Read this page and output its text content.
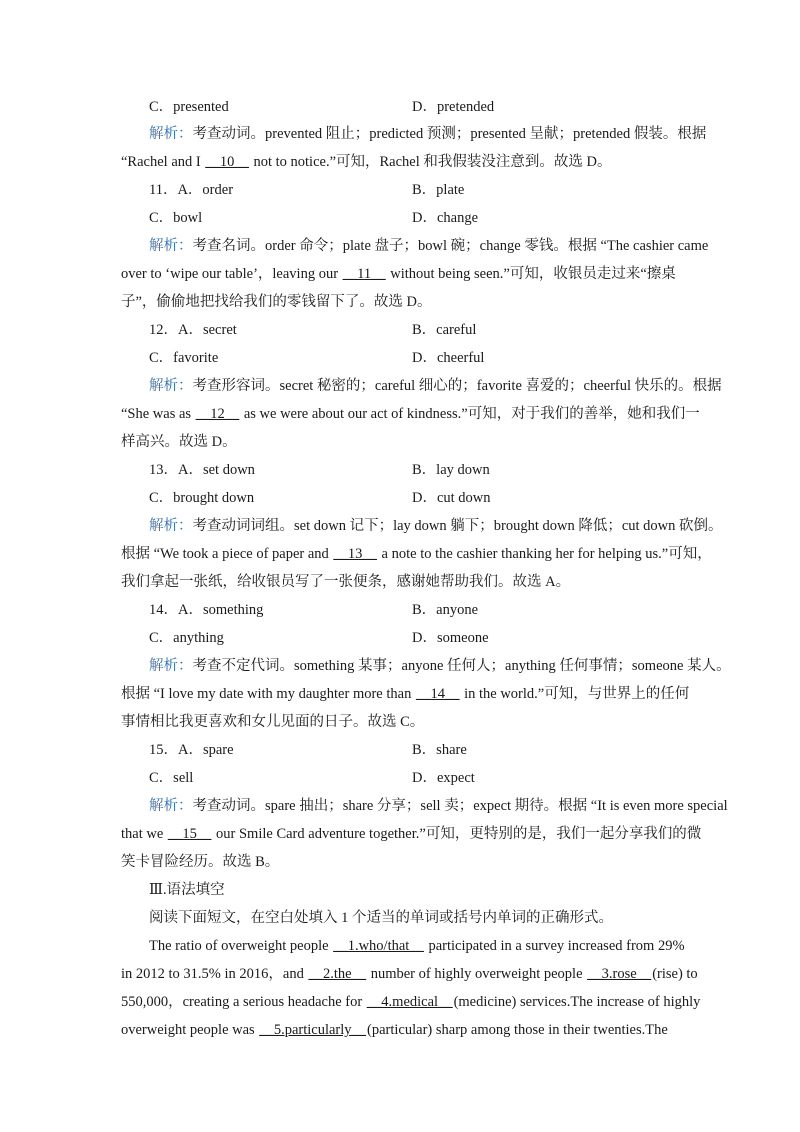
C．presented	D．pretended
解析：考查动词。prevented 阻止；predicted 预测；presented 呈献；pretended 假装。根据
“Rachel and I __10__ not to notice.”可知，Rachel 和我假装没注意到。故选 D。
11．A．order	B．plate
C．bowl	D．change
解析：考查名词。order 命令；plate 盘子；bowl 碗；change 零钱。根据 “The cashier came
over to ‘wipe our table’，leaving our __11__ without being seen.”可知，收银员走过来“擦桌
子”，偷偷地把找给我们的零钱留下了。故选 D。
12．A．secret	B．careful
C．favorite	D．cheerful
解析：考查形容词。secret 秘密的；careful 细心的；favorite 喜爱的；cheerful 快乐的。根据
“She was as __12__ as we were about our act of kindness.”可知，对于我们的善举，她和我们一
样高兴。故选 D。
13．A．set down	B．lay down
C．brought down	D．cut down
解析：考查动词词组。set down 记下；lay down 躺下；brought down 降低；cut down 砍倒。
根据 “We took a piece of paper and __13__ a note to the cashier thanking her for helping us.”可知，
我们拿起一张纸，给收银员写了一张便条，感谢她帮助我们。故选 A。
14．A．something	B．anyone
C．anything	D．someone
解析：考查不定代词。something 某事；anyone 任何人；anything 任何事情；someone 某人。
根据 “I love my date with my daughter more than __14__ in the world.”可知，与世界上的任何
事情相比我更喜欢和女儿见面的日子。故选 C。
15．A．spare	B．share
C．sell	D．expect
解析：考查动词。spare 抽出；share 分享；sell 卖；expect 期待。根据 “It is even more special
that we __15__ our Smile Card adventure together.”可知，更特别的是，我们一起分享我们的微
笑卡冒险经历。故选 B。
Ⅲ.语法填空
阅读下面短文，在空白处填入 1 个适当的单词或括号内单词的正确形式。
The ratio of overweight people __1.who/that__ participated in a survey increased from 29%
in 2012 to 31.5% in 2016，and __2.the__ number of highly overweight people __3.rose__(rise) to
550,000，creating a serious headache for __4.medical__(medicine) services.The increase of highly
overweight people was __5.particularly__(particular) sharp among those in their twenties.The
